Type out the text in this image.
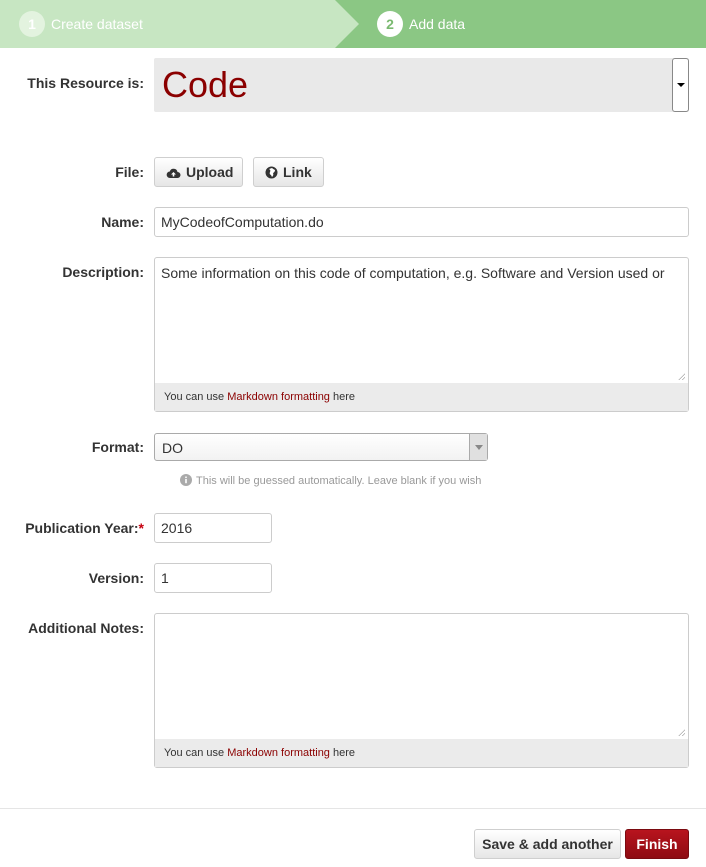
1	Create dataset	2	Add data
This Resource is: Code
File:	Upload	Link
Name:	MyCodeofComputation.do
Description:	Some information on this code of computation, e.g. Software and Version used or
You can use Markdown formatting here
Format: DO
This will be guessed automatically. Leave blank if you wish
Publication Year:*	2016
Version:	1
Additional Notes:
You can use Markdown formatting here
Save & add another	Finish
